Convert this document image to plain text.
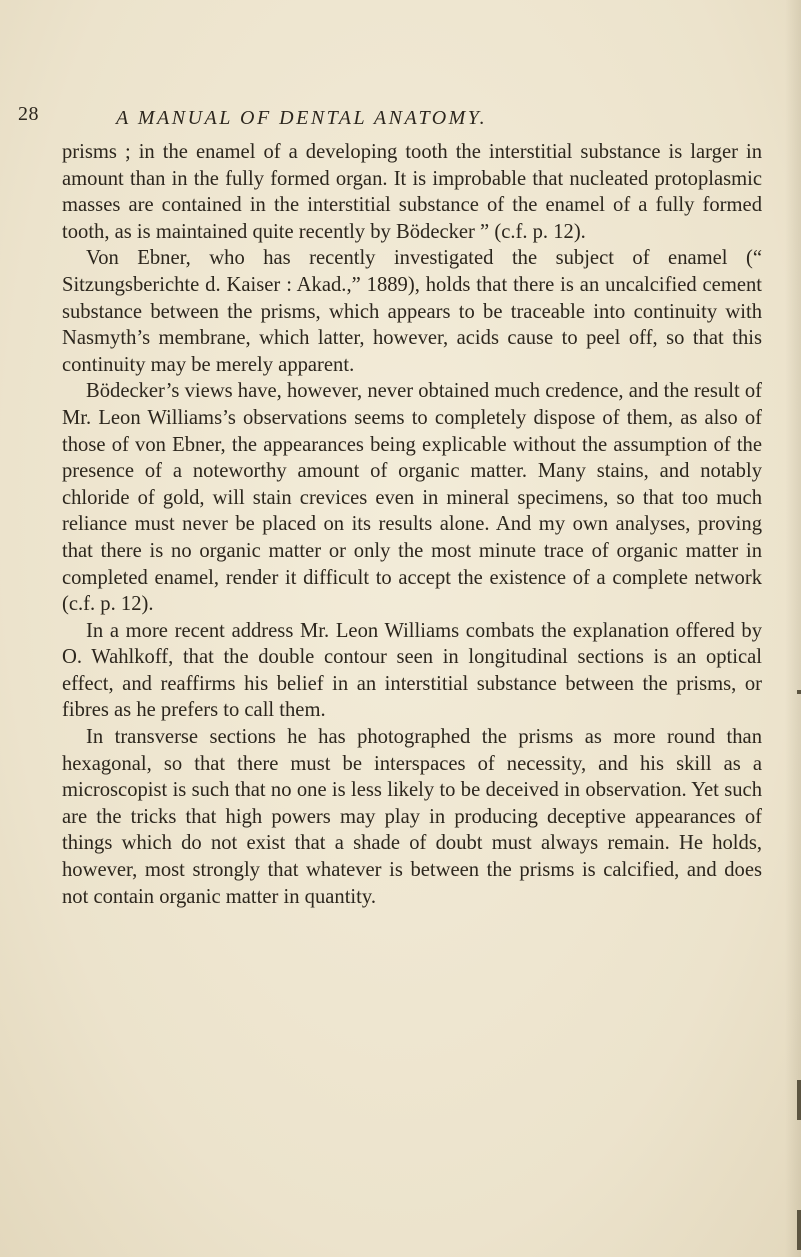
28	A MANUAL OF DENTAL ANATOMY.

prisms ; in the enamel of a developing tooth the interstitial substance is larger in amount than in the fully formed organ. It is improbable that nucleated protoplasmic masses are contained in the interstitial substance of the enamel of a fully formed tooth, as is maintained quite recently by Bödecker ” (c.f. p. 12).

Von Ebner, who has recently investigated the subject of enamel (“ Sitzungsberichte d. Kaiser : Akad.,” 1889), holds that there is an uncalcified cement substance between the prisms, which appears to be traceable into continuity with Nasmyth’s membrane, which latter, however, acids cause to peel off, so that this continuity may be merely apparent.

Bödecker’s views have, however, never obtained much credence, and the result of Mr. Leon Williams’s observations seems to completely dispose of them, as also of those of von Ebner, the appearances being explicable without the assumption of the presence of a noteworthy amount of organic matter. Many stains, and notably chloride of gold, will stain crevices even in mineral specimens, so that too much reliance must never be placed on its results alone. And my own analyses, proving that there is no organic matter or only the most minute trace of organic matter in completed enamel, render it difficult to accept the existence of a complete network (c.f. p. 12).

In a more recent address Mr. Leon Williams combats the explanation offered by O. Wahlkoff, that the double contour seen in longitudinal sections is an optical effect, and reaffirms his belief in an interstitial substance between the prisms, or fibres as he prefers to call them.

In transverse sections he has photographed the prisms as more round than hexagonal, so that there must be interspaces of necessity, and his skill as a microscopist is such that no one is less likely to be deceived in observation. Yet such are the tricks that high powers may play in producing deceptive appearances of things which do not exist that a shade of doubt must always remain. He holds, however, most strongly that whatever is between the prisms is calcified, and does not contain organic matter in quantity.
